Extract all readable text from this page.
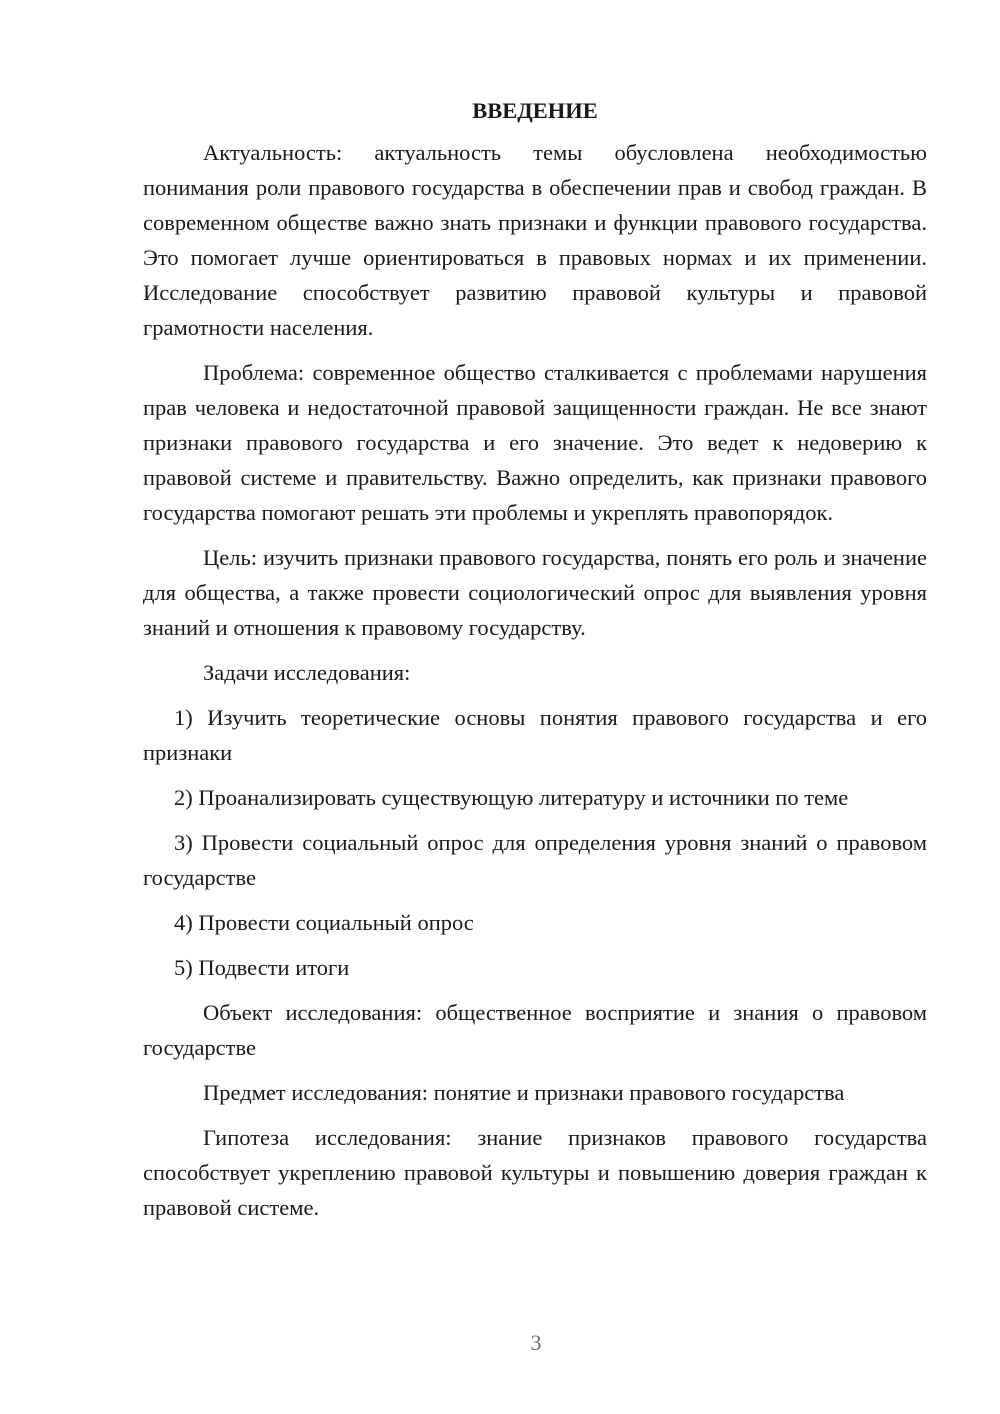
ВВЕДЕНИЕ

Актуальность: актуальность темы обусловлена необходимостью понимания роли правового государства в обеспечении прав и свобод граждан. В современном обществе важно знать признаки и функции правового государства. Это помогает лучше ориентироваться в правовых нормах и их применении. Исследование способствует развитию правовой культуры и правовой грамотности населения.

Проблема: современное общество сталкивается с проблемами нарушения прав человека и недостаточной правовой защищенности граждан. Не все знают признаки правового государства и его значение. Это ведет к недоверию к правовой системе и правительству. Важно определить, как признаки правового государства помогают решать эти проблемы и укреплять правопорядок.

Цель: изучить признаки правового государства, понять его роль и значение для общества, а также провести социологический опрос для выявления уровня знаний и отношения к правовому государству.

Задачи исследования:

1) Изучить теоретические основы понятия правового государства и его признаки

2) Проанализировать существующую литературу и источники по теме

3) Провести социальный опрос для определения уровня знаний о правовом государстве

4) Провести социальный опрос

5) Подвести итоги

Объект исследования: общественное восприятие и знания о правовом государстве

Предмет исследования: понятие и признаки правового государства

Гипотеза исследования: знание признаков правового государства способствует укреплению правовой культуры и повышению доверия граждан к правовой системе.

3
